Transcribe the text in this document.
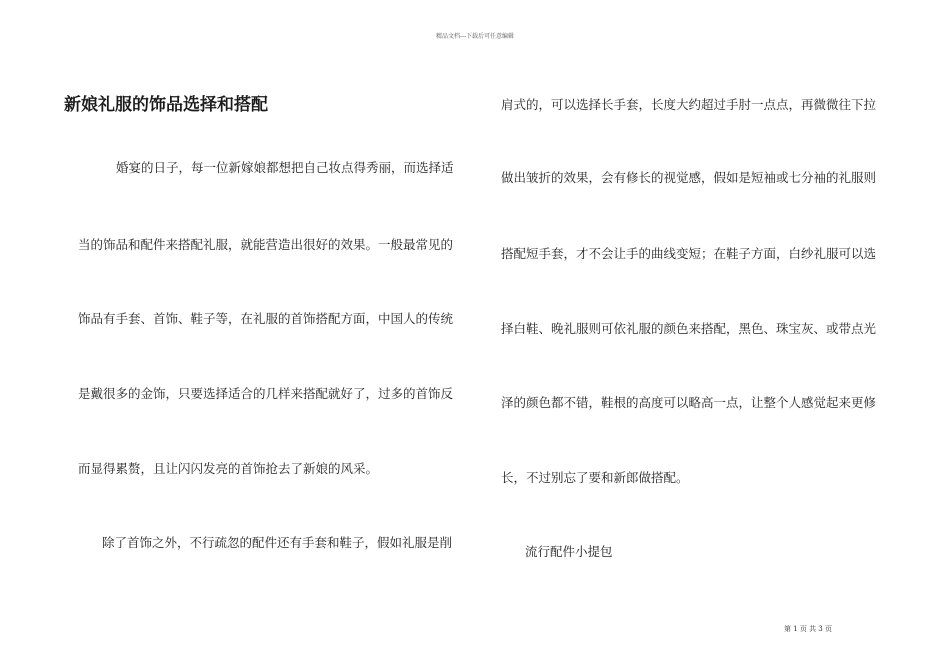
精品文档---下载后可任意编辑
新娘礼服的饰品选择和搭配

婚宴的日子，每一位新嫁娘都想把自己妆点得秀丽，而选择适

当的饰品和配件来搭配礼服，就能营造出很好的效果。一般最常见的

饰品有手套、首饰、鞋子等，在礼服的首饰搭配方面，中国人的传统

是戴很多的金饰，只要选择适合的几样来搭配就好了，过多的首饰反

而显得累赘，且让闪闪发亮的首饰抢去了新娘的风采。

除了首饰之外，不行疏忽的配件还有手套和鞋子，假如礼服是削

肩式的，可以选择长手套，长度大约超过手肘一点点，再微微往下拉

做出皱折的效果，会有修长的视觉感，假如是短袖或七分袖的礼服则

搭配短手套，才不会让手的曲线变短；在鞋子方面，白纱礼服可以选

择白鞋、晚礼服则可依礼服的颜色来搭配，黑色、珠宝灰、或带点光

泽的颜色都不错，鞋根的高度可以略高一点，让整个人感觉起来更修

长，不过别忘了要和新郎做搭配。

流行配件小提包

第 1 页 共 3 页
